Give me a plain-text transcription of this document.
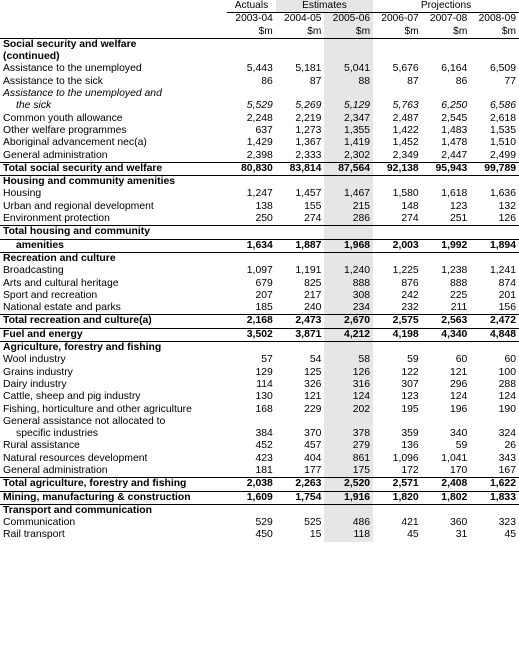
	Actuals	Estimates		Projections		
	2003-04	2004-05	2005-06	2006-07	2007-08	2008-09
	$m	$m	$m	$m	$m	$m
Social security and welfare						
(continued)						
Assistance to the unemployed	5,443	5,181	5,041	5,676	6,164	6,509
Assistance to the sick	86	87	88	87	86	77
Assistance to the unemployed and						
the sick	5,529	5,269	5,129	5,763	6,250	6,586
Common youth allowance	2,248	2,219	2,347	2,487	2,545	2,618
Other welfare programmes	637	1,273	1,355	1,422	1,483	1,535
Aboriginal advancement nec(a)	1,429	1,367	1,419	1,452	1,478	1,510
General administration	2,398	2,333	2,302	2,349	2,447	2,499
Total social security and welfare	80,830	83,814	87,564	92,138	95,943	99,789
Housing and community amenities						
Housing	1,247	1,457	1,467	1,580	1,618	1,636
Urban and regional development	138	155	215	148	123	132
Environment protection	250	274	286	274	251	126
Total housing and community						
amenities	1,634	1,887	1,968	2,003	1,992	1,894
Recreation and culture						
Broadcasting	1,097	1,191	1,240	1,225	1,238	1,241
Arts and cultural heritage	679	825	888	876	888	874
Sport and recreation	207	217	308	242	225	201
National estate and parks	185	240	234	232	211	156
Total recreation and culture(a)	2,168	2,473	2,670	2,575	2,563	2,472
Fuel and energy	3,502	3,871	4,212	4,198	4,340	4,848
Agriculture, forestry and fishing						
Wool industry	57	54	58	59	60	60
Grains industry	129	125	126	122	121	100
Dairy industry	114	326	316	307	296	288
Cattle, sheep and pig industry	130	121	124	123	124	124
Fishing, horticulture and other agriculture	168	229	202	195	196	190
General assistance not allocated to						
specific industries	384	370	378	359	340	324
Rural assistance	452	457	279	136	59	26
Natural resources development	423	404	861	1,096	1,041	343
General administration	181	177	175	172	170	167
Total agriculture, forestry and fishing	2,038	2,263	2,520	2,571	2,408	1,622
Mining, manufacturing & construction	1,609	1,754	1,916	1,820	1,802	1,833
Transport and communication						
Communication	529	525	486	421	360	323
Rail transport	450	15	118	45	31	45
